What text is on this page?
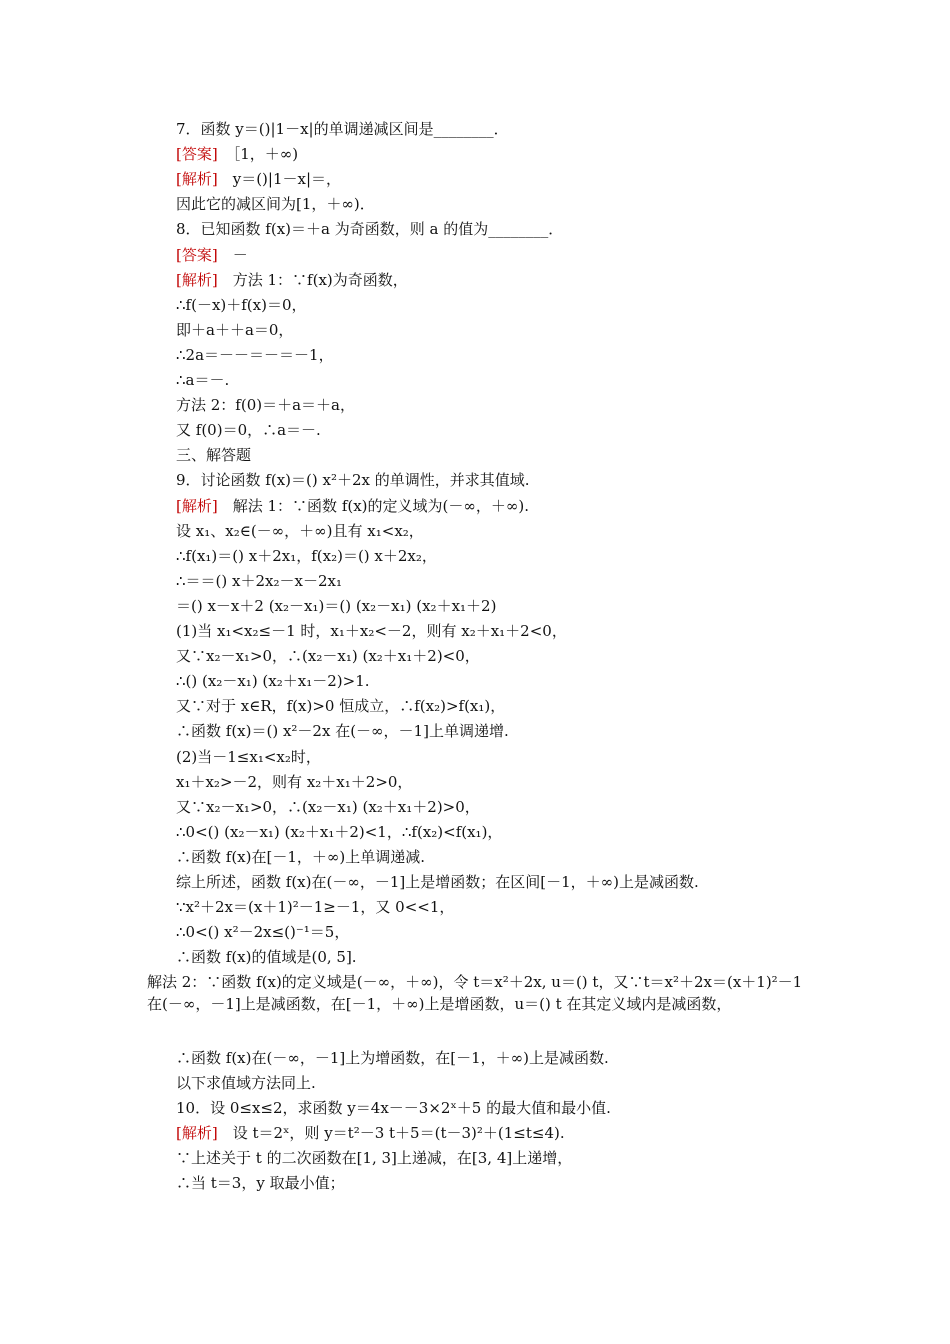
7．函数 y＝()|1－x|的单调递减区间是________．
[答案]　 ［1，＋∞)
[解析]　 y＝()|1－x|＝，
因此它的减区间为[1，＋∞)．
8．已知函数 f(x)＝＋a 为奇函数，则 a 的值为________．
[答案]　 －
[解析]　 方法 1：∵f(x)为奇函数，
∴f(－x)＋f(x)＝0，
即＋a＋＋a＝0，
∴2a＝－－＝－＝－1，
∴a＝－.
方法 2：f(0)＝＋a＝＋a，
又 f(0)＝0，∴a＝－.
三、解答题
9．讨论函数 f(x)＝() x²＋2x 的单调性，并求其值域.
[解析]　 解法 1：∵函数 f(x)的定义域为(－∞，＋∞).
设 x₁、x₂∈(－∞，＋∞)且有 x₁<x₂，
∴f(x₁)＝() x＋2x₁，f(x₂)＝() x＋2x₂，
∴＝＝() x＋2x₂－x－2x₁
＝() x－x＋2 (x₂－x₁)＝() (x₂－x₁) (x₂＋x₁＋2)
(1)当 x₁<x₂≤－1 时，x₁＋x₂<－2，则有 x₂＋x₁＋2<0，
又∵x₂－x₁>0，∴(x₂－x₁) (x₂＋x₁＋2)<0，
∴() (x₂－x₁) (x₂＋x₁－2)>1.
又∵对于 x∈R，f(x)>0 恒成立，∴f(x₂)>f(x₁)，
∴函数 f(x)＝() x²－2x 在(－∞，－1]上单调递增.
(2)当－1≤x₁<x₂时，
x₁＋x₂>－2，则有 x₂＋x₁＋2>0，
又∵x₂－x₁>0，∴(x₂－x₁) (x₂＋x₁＋2)>0，
∴0<() (x₂－x₁) (x₂＋x₁＋2)<1，∴f(x₂)<f(x₁)，
∴函数 f(x)在[－1，＋∞)上单调递减.
综上所述，函数 f(x)在(－∞，－1]上是增函数；在区间[－1，＋∞)上是减函数.
∵x²＋2x＝(x＋1)²－1≥－1，又 0<<1，
∴0<() x²－2x≤()⁻¹＝5，
∴函数 f(x)的值域是(0, 5].
解法 2：∵函数 f(x)的定义域是(－∞，＋∞)，令 t＝x²＋2x, u＝() t，又∵t＝x²＋2x＝(x＋1)²－1 在(－∞，－1]上是减函数，在[－1，＋∞)上是增函数，u＝() t 在其定义域内是减函数，
∴函数 f(x)在(－∞，－1]上为增函数，在[－1，＋∞)上是减函数.
以下求值域方法同上.
10．设 0≤x≤2，求函数 y＝4x－－3×2ˣ＋5 的最大值和最小值.
[解析]　 设 t＝2ˣ，则 y＝t²－3 t＋5＝(t－3)²＋(1≤t≤4).
∵上述关于 t 的二次函数在[1, 3]上递减，在[3, 4]上递增，
∴当 t＝3，y 取最小值；
